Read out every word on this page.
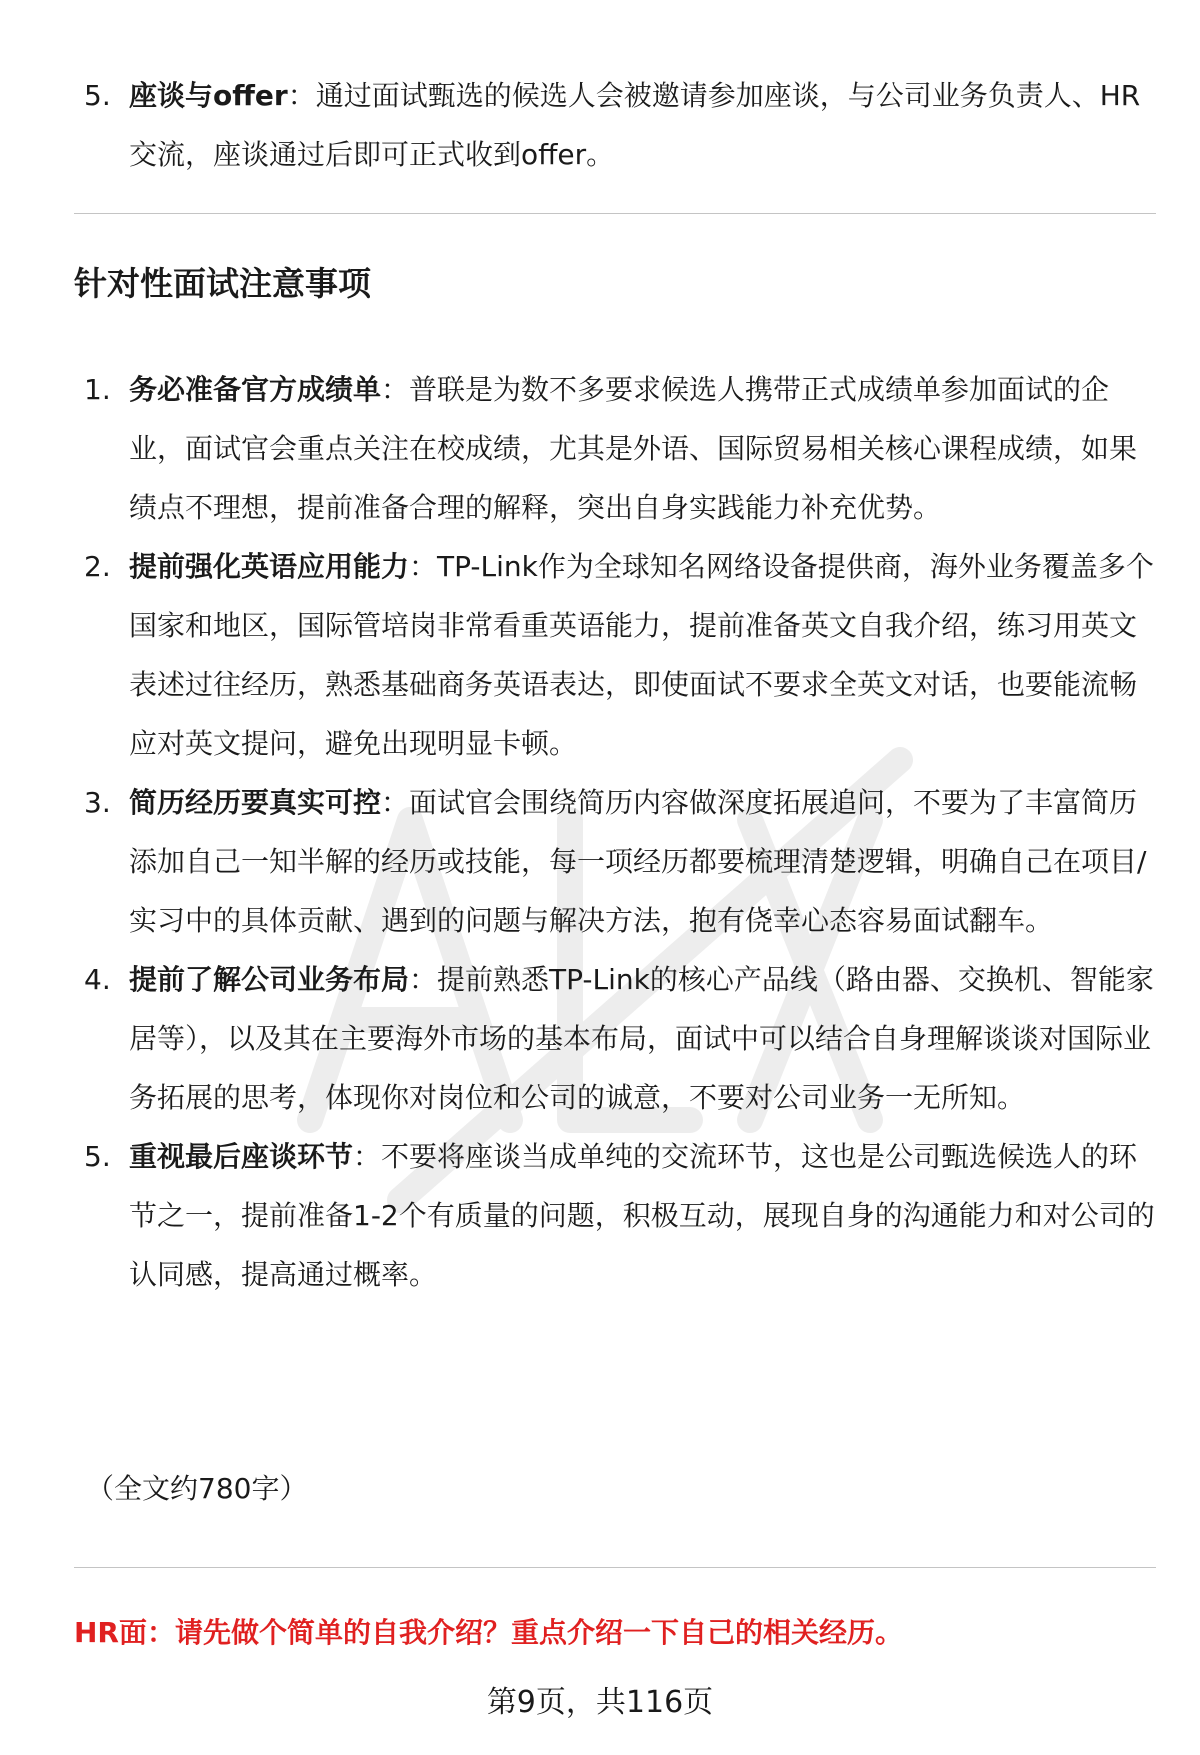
5. 座谈与offer：通过面试甄选的候选人会被邀请参加座谈，与公司业务负责人、HR交流，座谈通过后即可正式收到offer。
针对性面试注意事项
1. 务必准备官方成绩单：普联是为数不多要求候选人携带正式成绩单参加面试的企业，面试官会重点关注在校成绩，尤其是外语、国际贸易相关核心课程成绩，如果绩点不理想，提前准备合理的解释，突出自身实践能力补充优势。
2. 提前强化英语应用能力：TP-Link作为全球知名网络设备提供商，海外业务覆盖多个国家和地区，国际管培岗非常看重英语能力，提前准备英文自我介绍，练习用英文表述过往经历，熟悉基础商务英语表达，即使面试不要求全英文对话，也要能流畅应对英文提问，避免出现明显卡顿。
3. 简历经历要真实可控：面试官会围绕简历内容做深度拓展追问，不要为了丰富简历添加自己一知半解的经历或技能，每一项经历都要梳理清楚逻辑，明确自己在项目/实习中的具体贡献、遇到的问题与解决方法，抱有侥幸心态容易面试翻车。
4. 提前了解公司业务布局：提前熟悉TP-Link的核心产品线（路由器、交换机、智能家居等），以及其在主要海外市场的基本布局，面试中可以结合自身理解谈谈对国际业务拓展的思考，体现你对岗位和公司的诚意，不要对公司业务一无所知。
5. 重视最后座谈环节：不要将座谈当成单纯的交流环节，这也是公司甄选候选人的环节之一，提前准备1-2个有质量的问题，积极互动，展现自身的沟通能力和对公司的认同感，提高通过概率。
（全文约780字）
HR面：请先做个简单的自我介绍？重点介绍一下自己的相关经历。
第9页，共116页
